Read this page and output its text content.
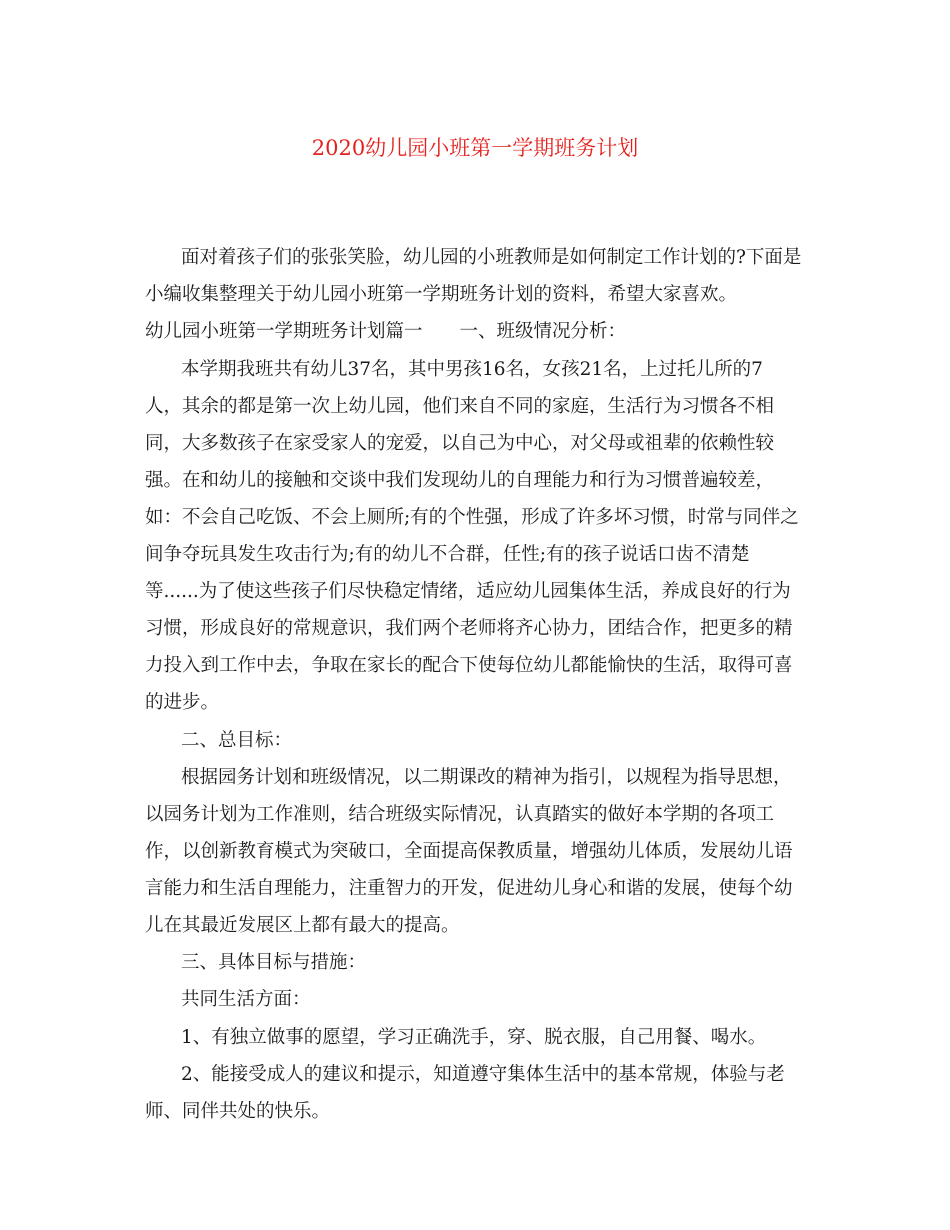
2020幼儿园小班第一学期班务计划

面对着孩子们的张张笑脸，幼儿园的小班教师是如何制定工作计划的?下面是

小编收集整理关于幼儿园小班第一学期班务计划的资料，希望大家喜欢。

幼儿园小班第一学期班务计划篇一　　一、班级情况分析：

本学期我班共有幼儿37名，其中男孩16名，女孩21名，上过托儿所的7

人，其余的都是第一次上幼儿园，他们来自不同的家庭，生活行为习惯各不相

同，大多数孩子在家受家人的宠爱，以自己为中心，对父母或祖辈的依赖性较

强。在和幼儿的接触和交谈中我们发现幼儿的自理能力和行为习惯普遍较差，

如：不会自己吃饭、不会上厕所;有的个性强，形成了许多坏习惯，时常与同伴之

间争夺玩具发生攻击行为;有的幼儿不合群，任性;有的孩子说话口齿不清楚

等......为了使这些孩子们尽快稳定情绪，适应幼儿园集体生活，养成良好的行为

习惯，形成良好的常规意识，我们两个老师将齐心协力，团结合作，把更多的精

力投入到工作中去，争取在家长的配合下使每位幼儿都能愉快的生活，取得可喜

的进步。

二、总目标：

根据园务计划和班级情况，以二期课改的精神为指引，以规程为指导思想，

以园务计划为工作准则，结合班级实际情况，认真踏实的做好本学期的各项工

作，以创新教育模式为突破口，全面提高保教质量，增强幼儿体质，发展幼儿语

言能力和生活自理能力，注重智力的开发，促进幼儿身心和谐的发展，使每个幼

儿在其最近发展区上都有最大的提高。

三、具体目标与措施：

共同生活方面：

1、有独立做事的愿望，学习正确洗手，穿、脱衣服，自己用餐、喝水。

2、能接受成人的建议和提示，知道遵守集体生活中的基本常规，体验与老

师、同伴共处的快乐。
